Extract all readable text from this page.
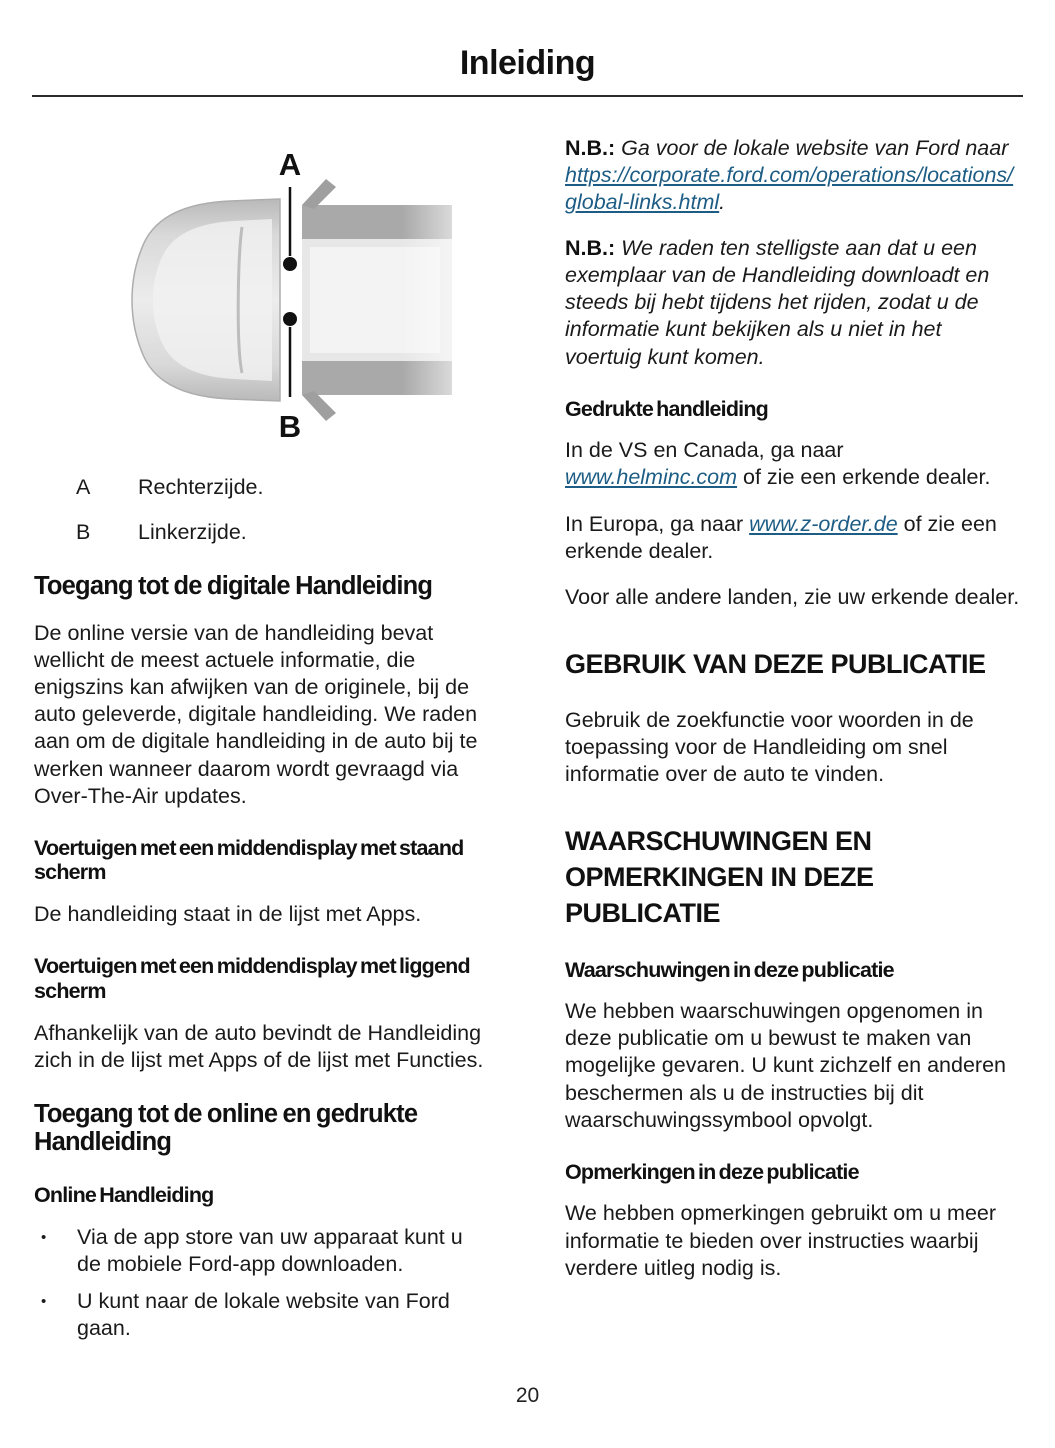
Inleiding
A
B
A	Rechterzijde.
B	Linkerzijde.
Toegang tot de digitale Handleiding

De online versie van de handleiding bevat wellicht de meest actuele informatie, die enigszins kan afwijken van de originele, bij de auto geleverde, digitale handleiding. We raden aan om de digitale handleiding in de auto bij te werken wanneer daarom wordt gevraagd via Over-The-Air updates.

Voertuigen met een middendisplay met staand scherm

De handleiding staat in de lijst met Apps.

Voertuigen met een middendisplay met liggend scherm

Afhankelijk van de auto bevindt de Handleiding zich in de lijst met Apps of de lijst met Functies.

Toegang tot de online en gedrukte Handleiding
Online Handleiding
•	Via de app store van uw apparaat kunt u de mobiele Ford-app downloaden.
•	U kunt naar de lokale website van Ford gaan.

N.B.: Ga voor de lokale website van Ford naar https://corporate.ford.com/operations/locations/global-links.html.

N.B.: We raden ten stelligste aan dat u een exemplaar van de Handleiding downloadt en steeds bij hebt tijdens het rijden, zodat u de informatie kunt bekijken als u niet in het voertuig kunt komen.

Gedrukte handleiding

In de VS en Canada, ga naar www.helminc.com of zie een erkende dealer.

In Europa, ga naar www.z-order.de of zie een erkende dealer.

Voor alle andere landen, zie uw erkende dealer.

GEBRUIK VAN DEZE PUBLICATIE

Gebruik de zoekfunctie voor woorden in de toepassing voor de Handleiding om snel informatie over de auto te vinden.

WAARSCHUWINGEN EN OPMERKINGEN IN DEZE PUBLICATIE
Waarschuwingen in deze publicatie

We hebben waarschuwingen opgenomen in deze publicatie om u bewust te maken van mogelijke gevaren. U kunt zichzelf en anderen beschermen als u de instructies bij dit waarschuwingssymbool opvolgt.

Opmerkingen in deze publicatie

We hebben opmerkingen gebruikt om u meer informatie te bieden over instructies waarbij verdere uitleg nodig is.

20
